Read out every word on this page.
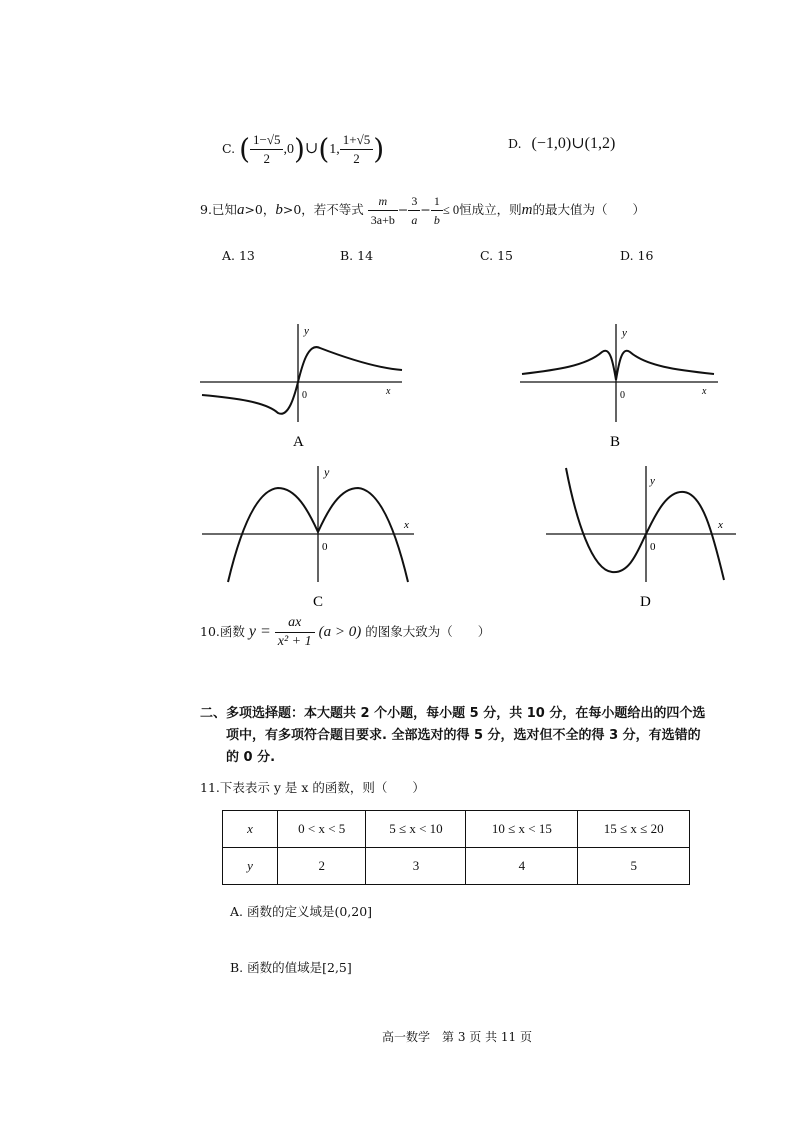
C. ( $\frac{1-√5}{2}$ ,0)∪(1, $\frac{1+√5}{2}$ )	D. (−1,0)∪(1,2)
9.已知a>0，b>0，若不等式 $\frac{m}{3a+b} - \frac{3}{a} - \frac{1}{b} \le 0$恒成立，则m的最大值为（　　）
A. 13	B. 14	C. 15	D. 16
y
x
0
A
y
x
0
B
y
x
0
C
y
x
0
D
10.函数 $y = \frac{ax}{\text{x² + 1}} (a > 0)$ 的图象大致为（　　）
二、多项选择题：本大题共 2 个小题，每小题 5 分，共 10 分，在每小题给出的四个选
项中，有多项符合题目要求. 全部选对的得 5 分，选对但不全的得 3 分，有选错的
的 0 分.
11.下表表示 y 是 x 的函数，则（　　）
x	0 < x < 5	5 ≤ x < 10	10 ≤ x < 15	15 ≤ x ≤ 20
y	2	3	4	5
A. 函数的定义域是(0,20]
B. 函数的值域是[2,5]
高一数学　第 3 页 共 11 页
